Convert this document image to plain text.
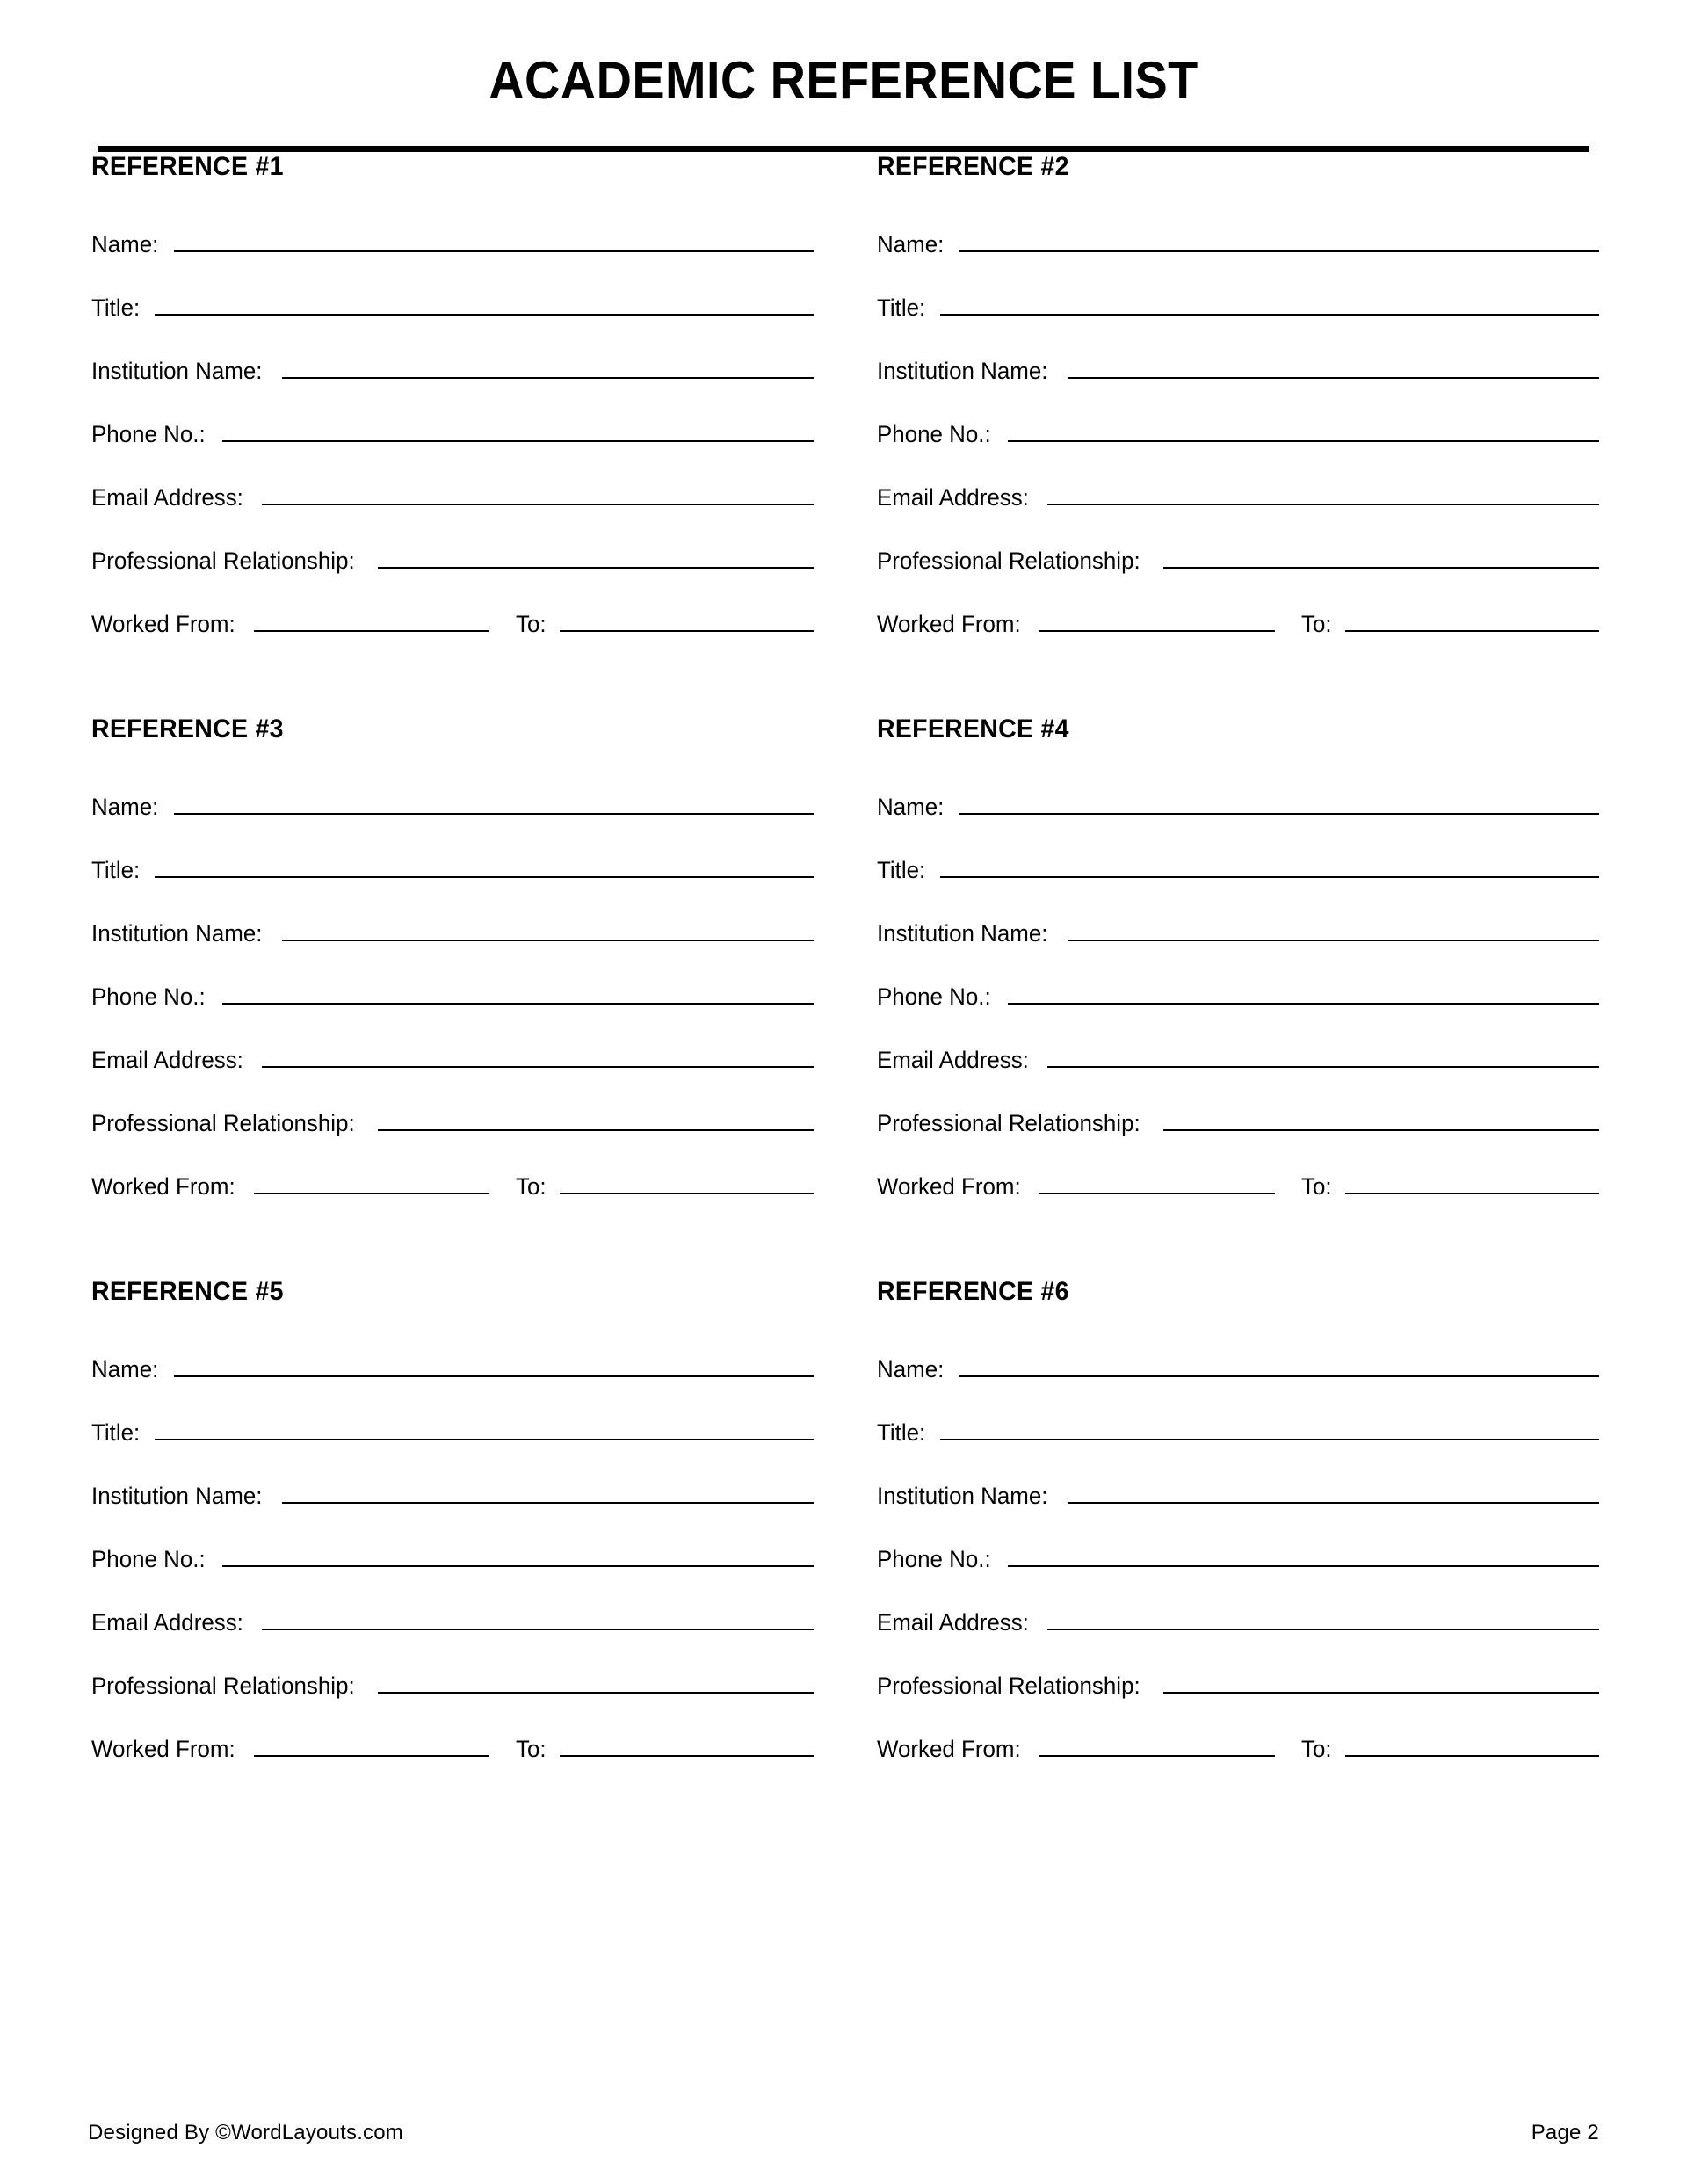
ACADEMIC REFERENCE LIST
REFERENCE #1
Name:
Title:
Institution Name:
Phone No.:
Email Address:
Professional Relationship:
Worked From:	To:
REFERENCE #2
Name:
Title:
Institution Name:
Phone No.:
Email Address:
Professional Relationship:
Worked From:	To:
REFERENCE #3
Name:
Title:
Institution Name:
Phone No.:
Email Address:
Professional Relationship:
Worked From:	To:
REFERENCE #4
Name:
Title:
Institution Name:
Phone No.:
Email Address:
Professional Relationship:
Worked From:	To:
REFERENCE #5
Name:
Title:
Institution Name:
Phone No.:
Email Address:
Professional Relationship:
Worked From:	To:
REFERENCE #6
Name:
Title:
Institution Name:
Phone No.:
Email Address:
Professional Relationship:
Worked From:	To:
Designed By ©WordLayouts.com	Page 2
